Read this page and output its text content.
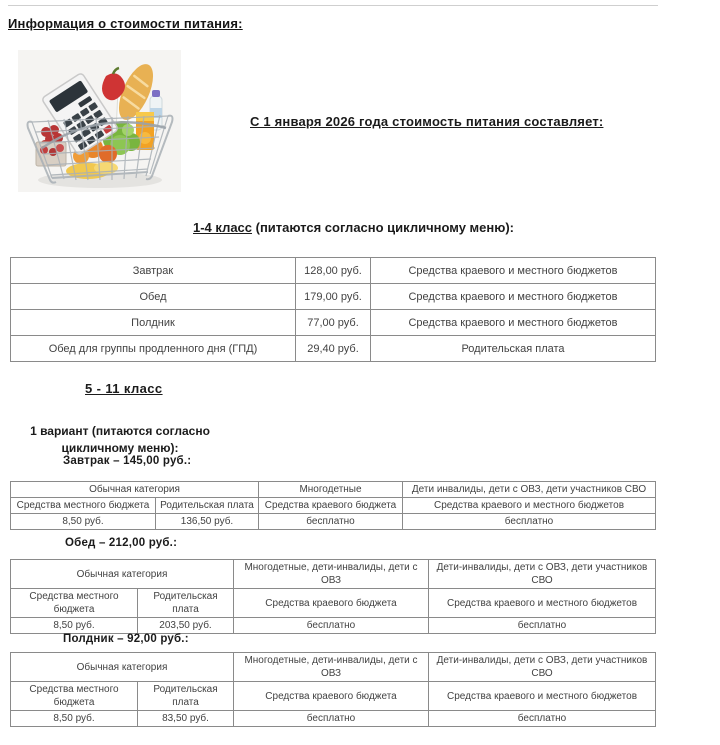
Информация о стоимости питания:
С 1 января 2026 года стоимость питания составляет:
1-4 класс (питаются согласно цикличному меню):
Завтрак	128,00 руб.	Средства краевого и местного бюджетов
Обед	179,00 руб.	Средства краевого и местного бюджетов
Полдник	77,00 руб.	Средства краевого и местного бюджетов
Обед для группы продленного дня (ГПД)	29,40 руб.	Родительская плата
5 - 11 класс
1 вариант (питаются согласно цикличному меню):
Завтрак – 145,00 руб.:
Обычная категория		Многодетные	Дети инвалиды, дети с ОВЗ, дети участников СВО
Средства местного бюджета	Родительская плата	Средства краевого бюджета	Средства краевого и местного бюджетов
8,50 руб.	136,50 руб.	бесплатно	бесплатно
Обед – 212,00 руб.:
Обычная категория		Многодетные, дети-инвалиды, дети с ОВЗ	Дети-инвалиды, дети с ОВЗ, дети участников СВО
Средства местного бюджета	Родительская плата	Средства краевого бюджета	Средства краевого и местного бюджетов
8,50 руб.	203,50 руб.	бесплатно	бесплатно
Полдник – 92,00 руб.:
Обычная категория		Многодетные, дети-инвалиды, дети с ОВЗ	Дети-инвалиды, дети с ОВЗ, дети участников СВО
Средства местного бюджета	Родительская плата	Средства краевого бюджета	Средства краевого и местного бюджетов
8,50 руб.	83,50 руб.	бесплатно	бесплатно
